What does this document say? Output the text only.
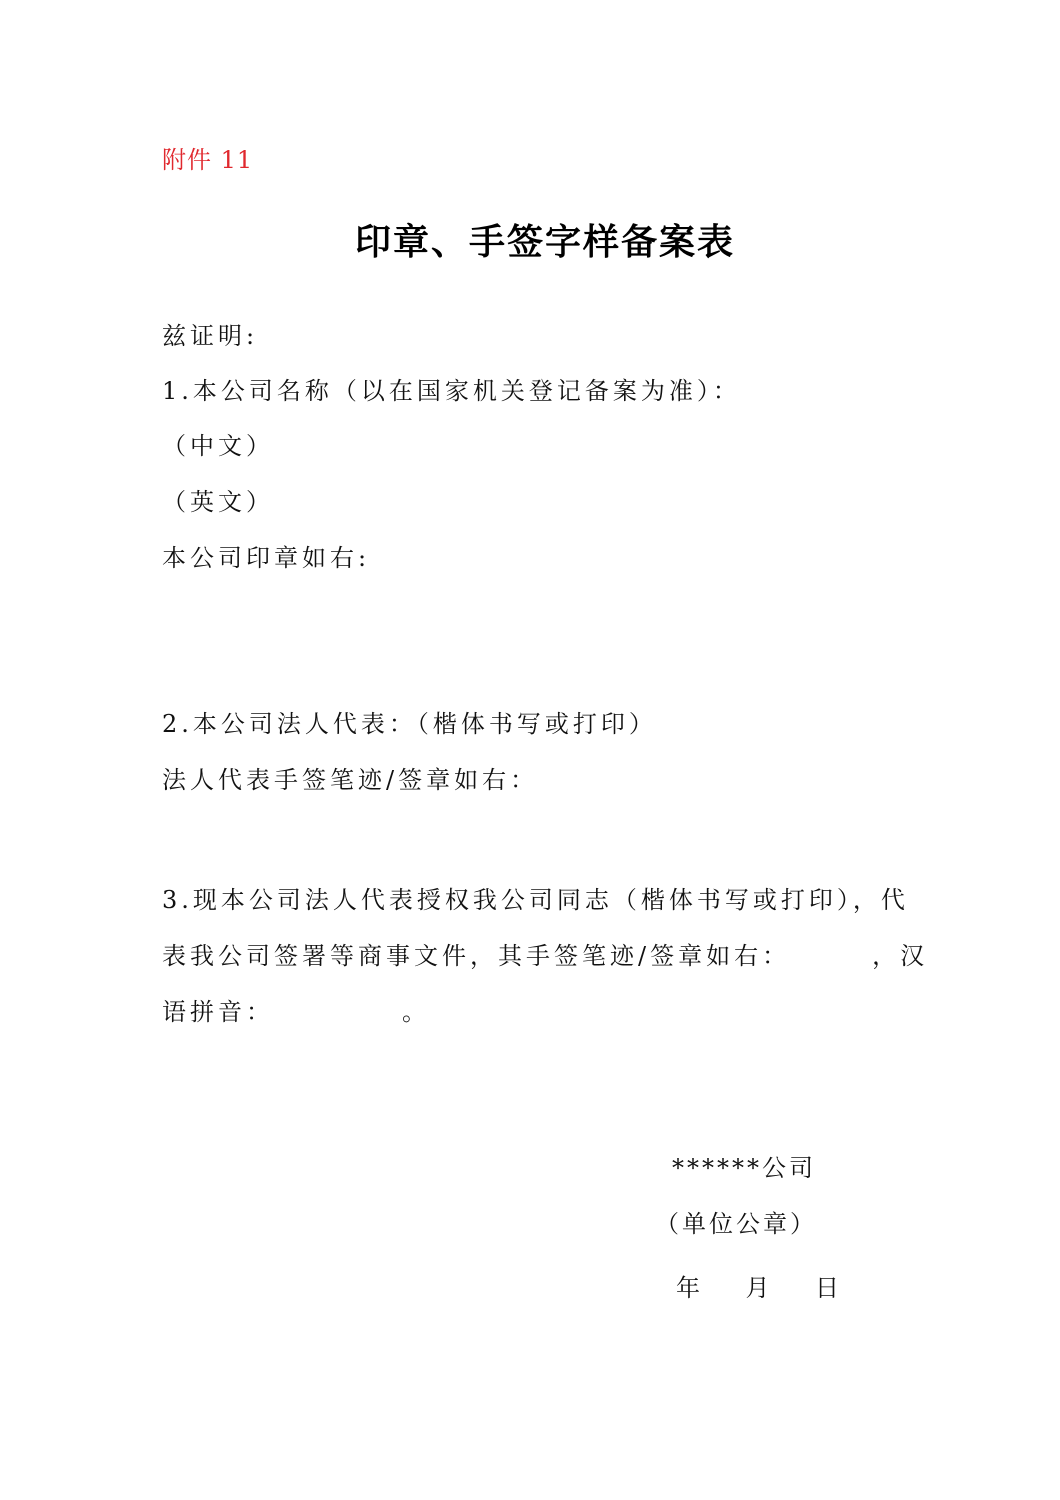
附件 11
印章、手签字样备案表
兹证明:
1.本公司名称（以在国家机关登记备案为准）：
（中文）
（英文）
本公司印章如右:
2.本公司法人代表：（楷体书写或打印）
法人代表手签笔迹/签章如右：
3.现本公司法人代表授权我公司同志（楷体书写或打印），代表我公司签署等商事文件，其手签笔迹/签章如右：	，汉语拼音：	。
******公司
（单位公章）
年    月    日
